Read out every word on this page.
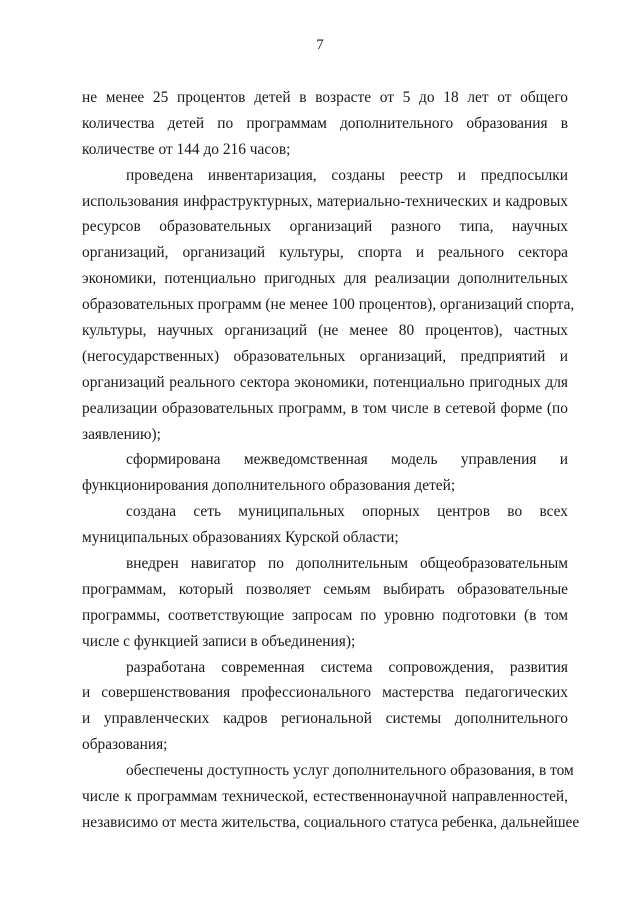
7
не менее 25 процентов детей в возрасте от 5 до 18 лет от общего
количества детей по программам дополнительного образования в
количестве от 144 до 216 часов;
проведена инвентаризация, созданы реестр и предпосылки
использования инфраструктурных, материально-технических и кадровых
ресурсов образовательных организаций разного типа, научных
организаций, организаций культуры, спорта и реального сектора
экономики, потенциально пригодных для реализации дополнительных
образовательных программ (не менее 100 процентов), организаций спорта,
культуры, научных организаций (не менее 80 процентов), частных
(негосударственных) образовательных организаций, предприятий и
организаций реального сектора экономики, потенциально пригодных для
реализации образовательных программ, в том числе в сетевой форме (по
заявлению);
сформирована межведомственная модель управления и
функционирования дополнительного образования детей;
создана сеть муниципальных опорных центров во всех
муниципальных образованиях Курской области;
внедрен навигатор по дополнительным общеобразовательным
программам, который позволяет семьям выбирать образовательные
программы, соответствующие запросам по уровню подготовки (в том
числе с функцией записи в объединения);
разработана современная система сопровождения, развития
и совершенствования профессионального мастерства педагогических
и управленческих кадров региональной системы дополнительного
образования;
обеспечены доступность услуг дополнительного образования, в том
числе к программам технической, естественнонаучной направленностей,
независимо от места жительства, социального статуса ребенка, дальнейшее
